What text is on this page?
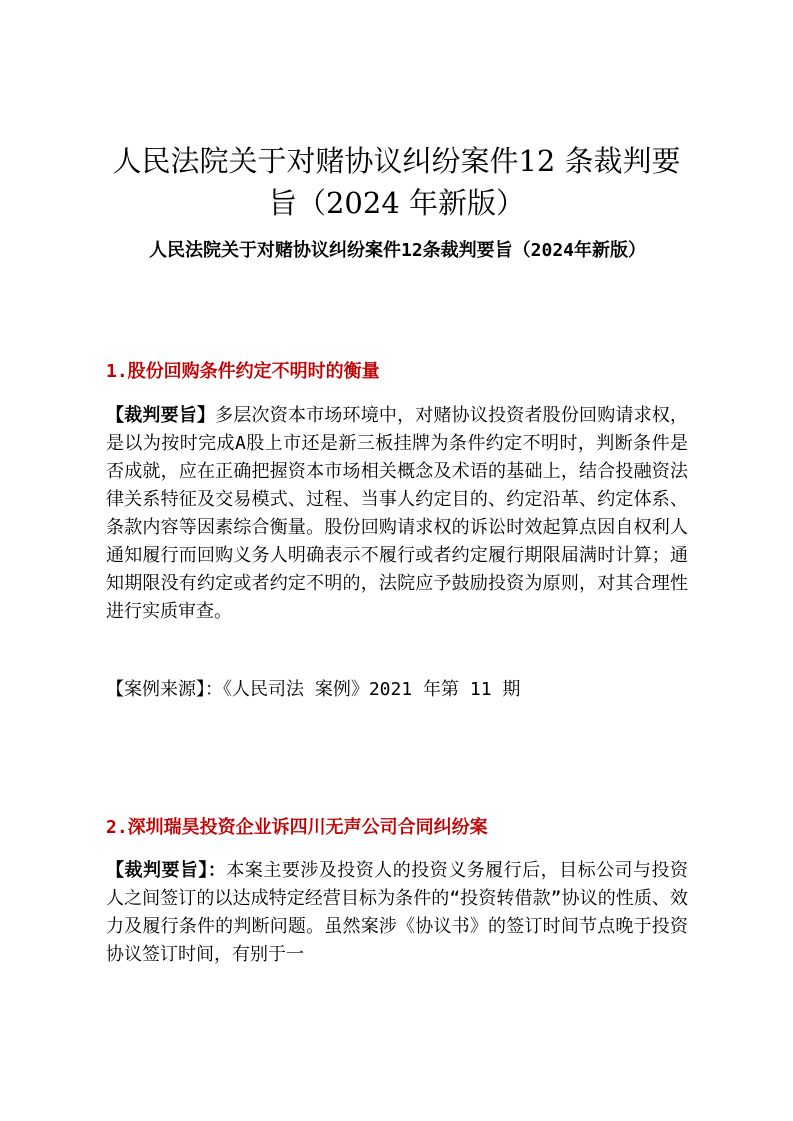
人民法院关于对赌协议纠纷案件12 条裁判要旨（2024 年新版）
人民法院关于对赌协议纠纷案件12条裁判要旨（2024年新版）
1.股份回购条件约定不明时的衡量

【裁判要旨】多层次资本市场环境中，对赌协议投资者股份回购请求权，是以为按时完成A股上市还是新三板挂牌为条件约定不明时，判断条件是否成就，应在正确把握资本市场相关概念及术语的基础上，结合投融资法律关系特征及交易模式、过程、当事人约定目的、约定沿革、约定体系、条款内容等因素综合衡量。股份回购请求权的诉讼时效起算点因自权利人通知履行而回购义务人明确表示不履行或者约定履行期限届满时计算；通知期限没有约定或者约定不明的，法院应予鼓励投资为原则，对其合理性进行实质审查。

【案例来源】：《人民司法 案例》2021 年第 11 期

2.深圳瑞昊投资企业诉四川无声公司合同纠纷案

【裁判要旨】：本案主要涉及投资人的投资义务履行后，目标公司与投资人之间签订的以达成特定经营目标为条件的“投资转借款”协议的性质、效力及履行条件的判断问题。虽然案涉《协议书》的签订时间节点晚于投资协议签订时间，有别于一
